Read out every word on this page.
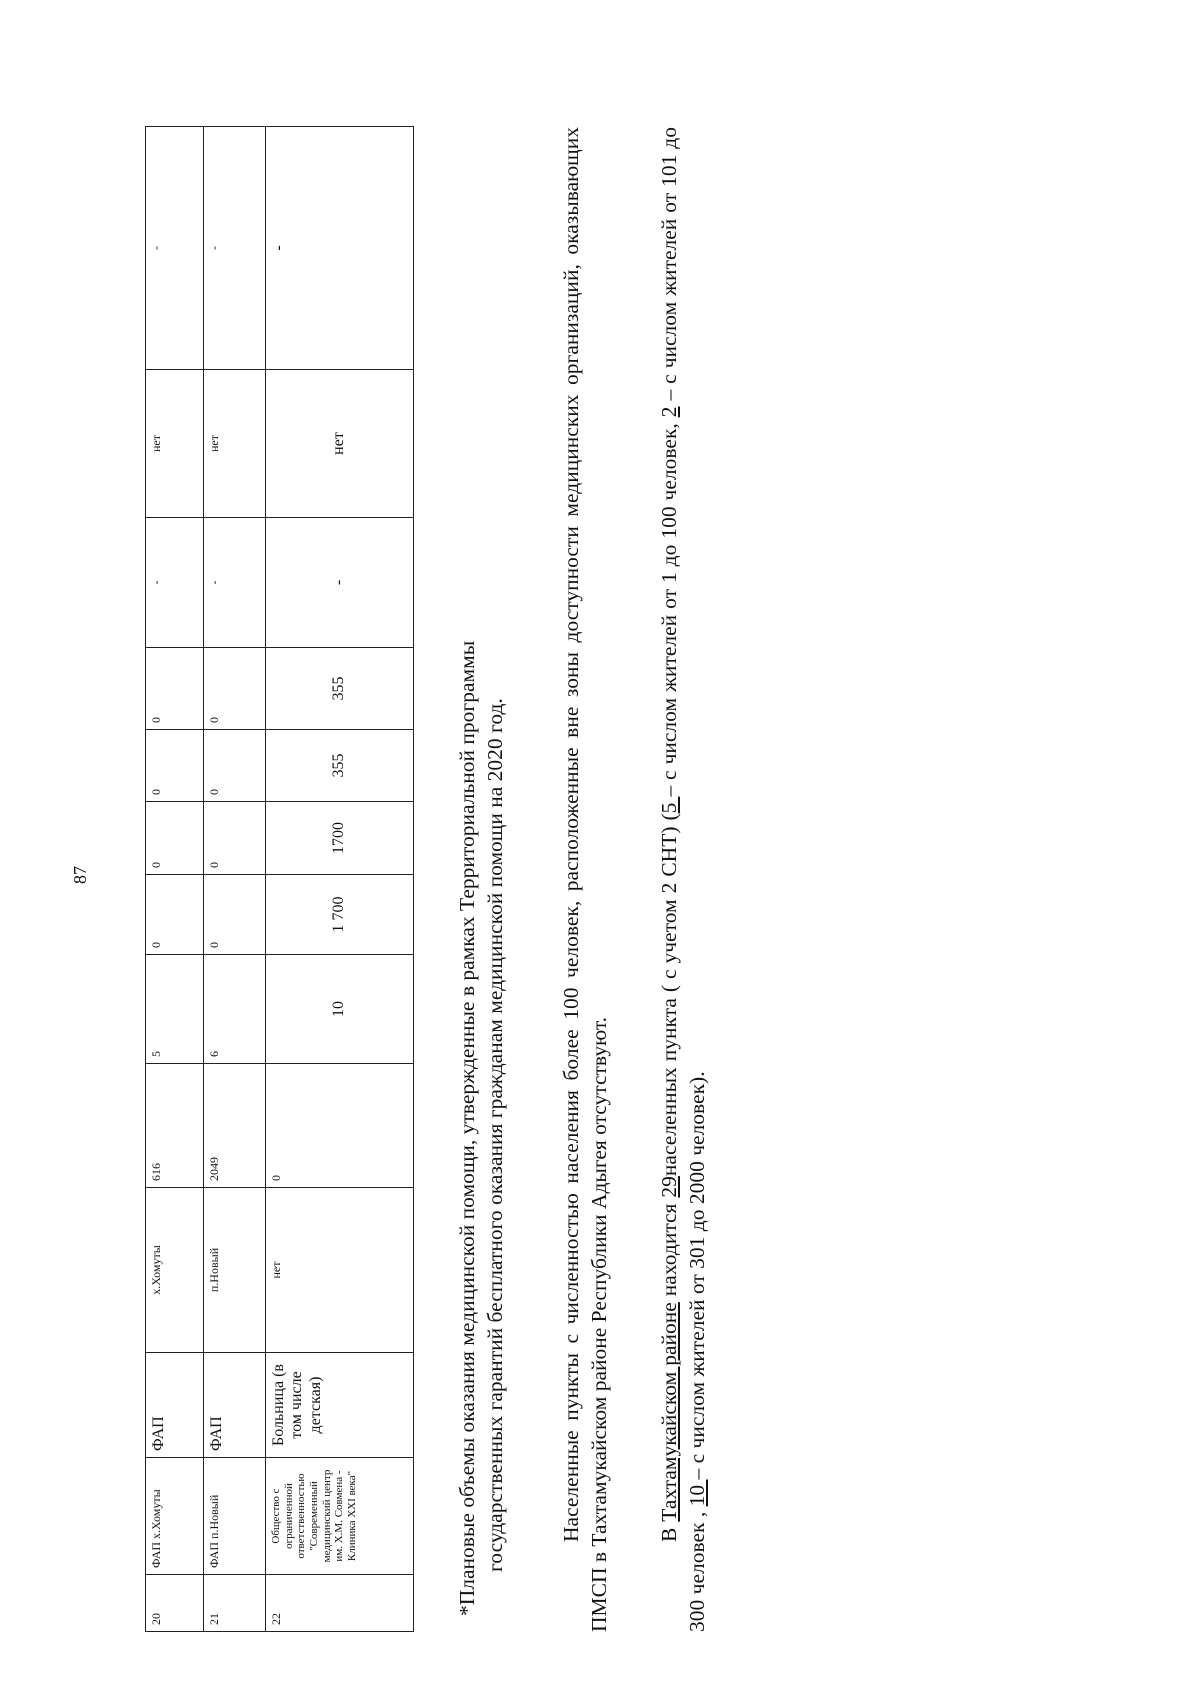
87
20	ФАП х.Хомуты	ФАП	х.Хомуты	616	5	0	0	0	0	-	нет	-
21	ФАП п.Новый	ФАП	п.Новый	2049	6	0	0	0	0	-	нет	-
22	Общество с ограниченной ответственностью "Современный медицинский центр им. Х.М. Совмена - Клиника XXI века"	Больница (в том числе детская)	нет	0	10	1 700	1700	355	355	-	нет	-
*Плановые объемы оказания медицинской помощи, утвержденные в рамках Территориальной программы государственных гарантий бесплатного оказания гражданам медицинской помощи на 2020 год. Населенные пункты с численностью населения более 100 человек, расположенные вне зоны доступности медицинских организаций, оказывающих ПМСП в Тахтамукайском районе Республики Адыгея отсутствуют. В Тахтамукайском районе находится 29населенных пункта ( с учетом 2 СНТ) (5 – с числом жителей от 1 до 100 человек, 2 – с числом жителей от 101 до 300 человек , 10 – с числом жителей от 301 до 2000 человек).
